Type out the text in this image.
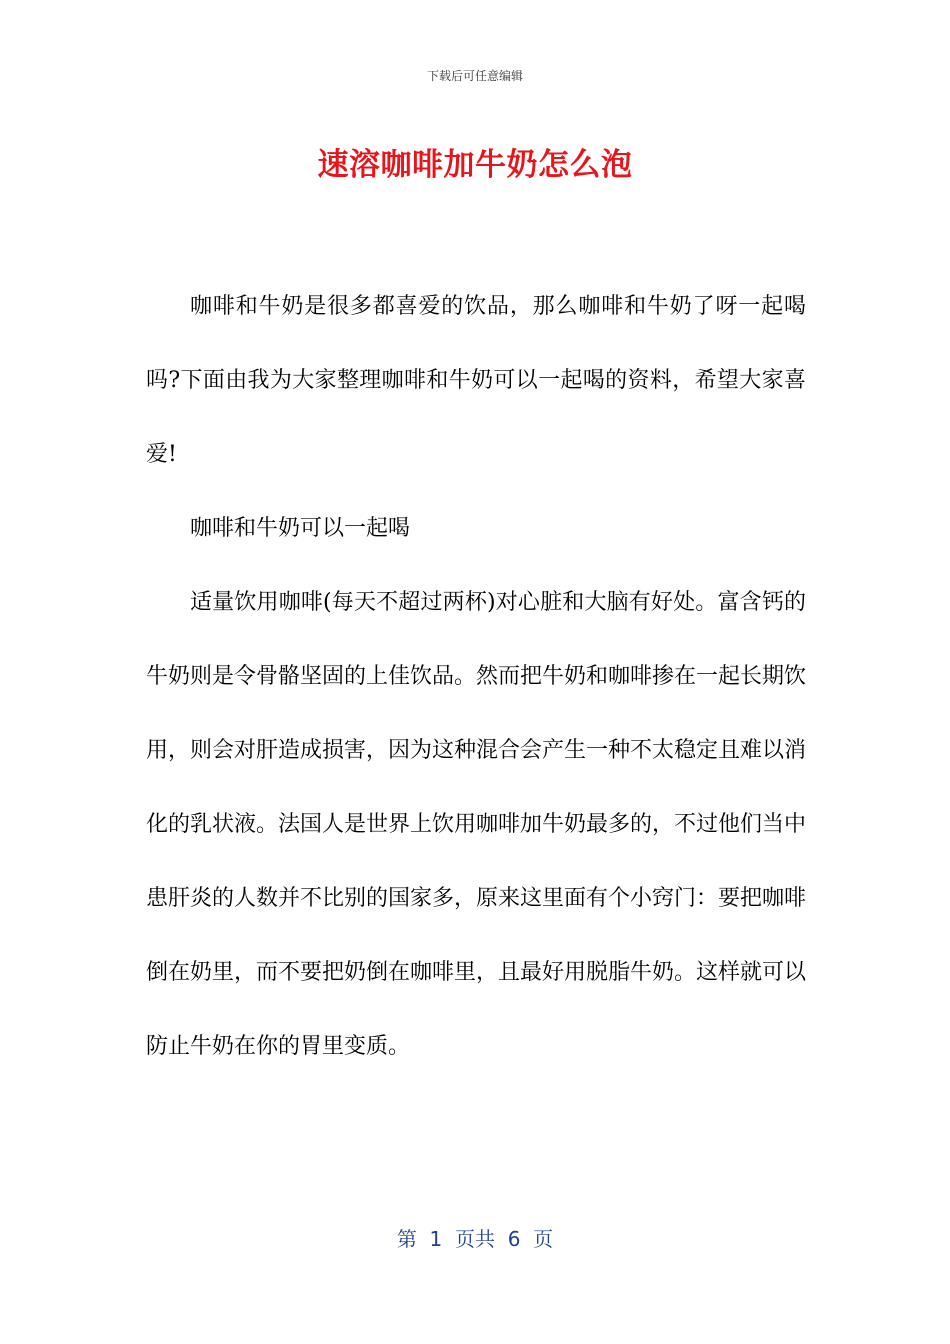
下载后可任意编辑
速溶咖啡加牛奶怎么泡

咖啡和牛奶是很多都喜爱的饮品，那么咖啡和牛奶了呀一起喝吗?下面由我为大家整理咖啡和牛奶可以一起喝的资料，希望大家喜爱!

咖啡和牛奶可以一起喝

适量饮用咖啡(每天不超过两杯)对心脏和大脑有好处。富含钙的牛奶则是令骨骼坚固的上佳饮品。然而把牛奶和咖啡掺在一起长期饮用，则会对肝造成损害，因为这种混合会产生一种不太稳定且难以消化的乳状液。法国人是世界上饮用咖啡加牛奶最多的，不过他们当中患肝炎的人数并不比别的国家多，原来这里面有个小窍门：要把咖啡倒在奶里，而不要把奶倒在咖啡里，且最好用脱脂牛奶。这样就可以防止牛奶在你的胃里变质。

第  1  页共  6  页
